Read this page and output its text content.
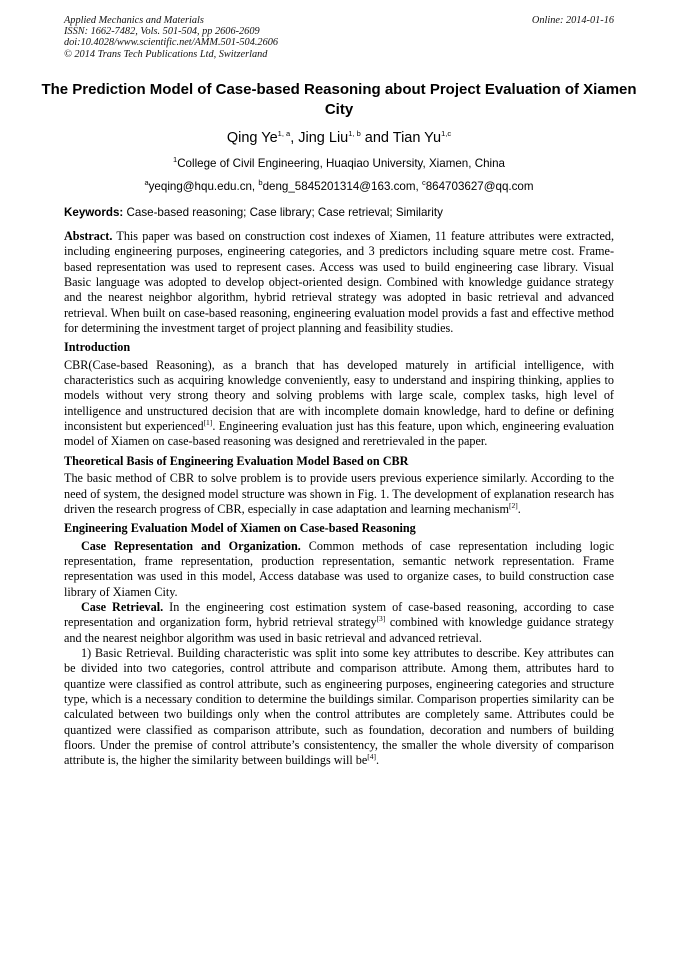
Applied Mechanics and Materials
ISSN: 1662-7482, Vols. 501-504, pp 2606-2609
doi:10.4028/www.scientific.net/AMM.501-504.2606
© 2014 Trans Tech Publications Ltd, Switzerland
Online: 2014-01-16
The Prediction Model of Case-based Reasoning about Project Evaluation of Xiamen City
Qing Ye$^{1, a}$, Jing Liu$^{1, b}$ and Tian Yu$^{1,c}$
$^1$College of Civil Engineering, Huaqiao University, Xiamen, China
$^a$yeqing@hqu.edu.cn, $^b$deng_5845201314@163.com, $^c$864703627@qq.com
Keywords: Case-based reasoning; Case library; Case retrieval; Similarity

Abstract. This paper was based on construction cost indexes of Xiamen, 11 feature attributes were extracted, including engineering purposes, engineering categories, and 3 predictors including square metre cost. Frame-based representation was used to represent cases. Access was used to build engineering case library. Visual Basic language was adopted to develop object-oriented design. Combined with knowledge guidance strategy and the nearest neighbor algorithm, hybrid retrieval strategy was adopted in basic retrieval and advanced retrieval. When built on case-based reasoning, engineering evaluation model provids a fast and effective method for determining the investment target of project planning and feasibility studies.

Introduction

CBR(Case-based Reasoning), as a branch that has developed maturely in artificial intelligence, with characteristics such as acquiring knowledge conveniently, easy to understand and inspiring thinking, applies to models without very strong theory and solving problems with large scale, complex tasks, high level of intelligence and unstructured decision that are with incomplete domain knowledge, hard to define or defining inconsistent but experienced[1]. Engineering evaluation just has this feature, upon which, engineering evaluation model of Xiamen on case-based reasoning was designed and reretrievaled in the paper.

Theoretical Basis of Engineering Evaluation Model Based on CBR

The basic method of CBR to solve problem is to provide users previous experience similarly. According to the need of system, the designed model structure was shown in Fig. 1. The development of explanation research has driven the research progress of CBR, especially in case adaptation and learning mechanism[2].

Engineering Evaluation Model of Xiamen on Case-based Reasoning

Case Representation and Organization. Common methods of case representation including logic representation, frame representation, production representation, semantic network representation. Frame representation was used in this model, Access database was used to organize cases, to build construction case library of Xiamen City.

Case Retrieval. In the engineering cost estimation system of case-based reasoning, according to case representation and organization form, hybrid retrieval strategy[3] combined with knowledge guidance strategy and the nearest neighbor algorithm was used in basic retrieval and advanced retrieval.

1) Basic Retrieval. Building characteristic was split into some key attributes to describe. Key attributes can be divided into two categories, control attribute and comparison attribute. Among them, attributes hard to quantize were classified as control attribute, such as engineering purposes, engineering categories and structure type, which is a necessary condition to determine the buildings similar. Comparison properties similarity can be calculated between two buildings only when the control attributes are completely same. Attributes could be quantized were classified as comparison attribute, such as foundation, decoration and numbers of building floors. Under the premise of control attribute’s consistentency, the smaller the whole diversity of comparison attribute is, the higher the similarity between buildings will be[4].
